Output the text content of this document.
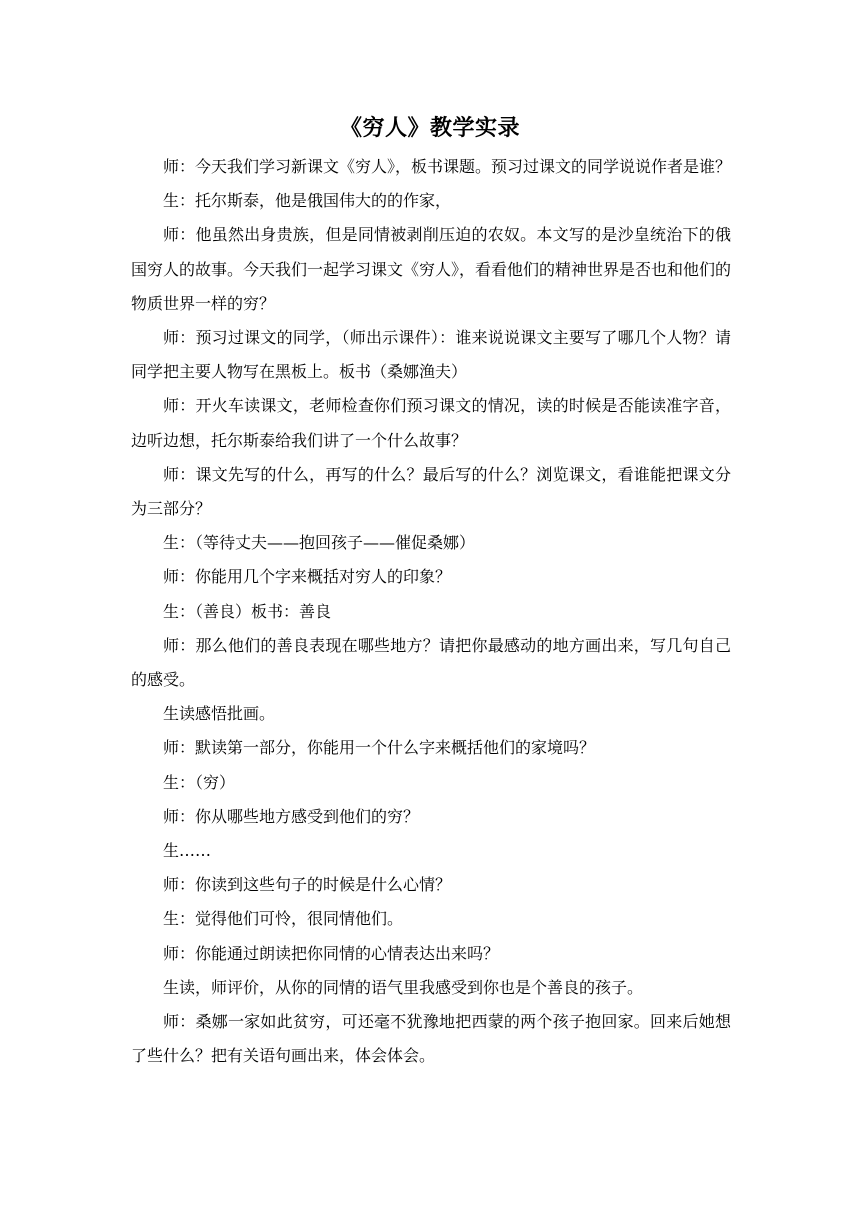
《穷人》教学实录

师：今天我们学习新课文《穷人》，板书课题。预习过课文的同学说说作者是谁？

生：托尔斯泰，他是俄国伟大的的作家，

师：他虽然出身贵族，但是同情被剥削压迫的农奴。本文写的是沙皇统治下的俄国穷人的故事。今天我们一起学习课文《穷人》，看看他们的精神世界是否也和他们的物质世界一样的穷？

师：预习过课文的同学，（师出示课件）：谁来说说课文主要写了哪几个人物？请同学把主要人物写在黑板上。板书（桑娜渔夫）

师：开火车读课文，老师检查你们预习课文的情况，读的时候是否能读准字音，边听边想，托尔斯泰给我们讲了一个什么故事？

师：课文先写的什么，再写的什么？最后写的什么？浏览课文，看谁能把课文分为三部分？

生：（等待丈夫——抱回孩子——催促桑娜）

师：你能用几个字来概括对穷人的印象？

生：（善良）板书：善良

师：那么他们的善良表现在哪些地方？请把你最感动的地方画出来，写几句自己的感受。

生读感悟批画。

师：默读第一部分，你能用一个什么字来概括他们的家境吗？

生：（穷）

师：你从哪些地方感受到他们的穷？

生……

师：你读到这些句子的时候是什么心情？

生：觉得他们可怜，很同情他们。

师：你能通过朗读把你同情的心情表达出来吗？

生读，师评价，从你的同情的语气里我感受到你也是个善良的孩子。

师：桑娜一家如此贫穷，可还毫不犹豫地把西蒙的两个孩子抱回家。回来后她想了些什么？把有关语句画出来，体会体会。
